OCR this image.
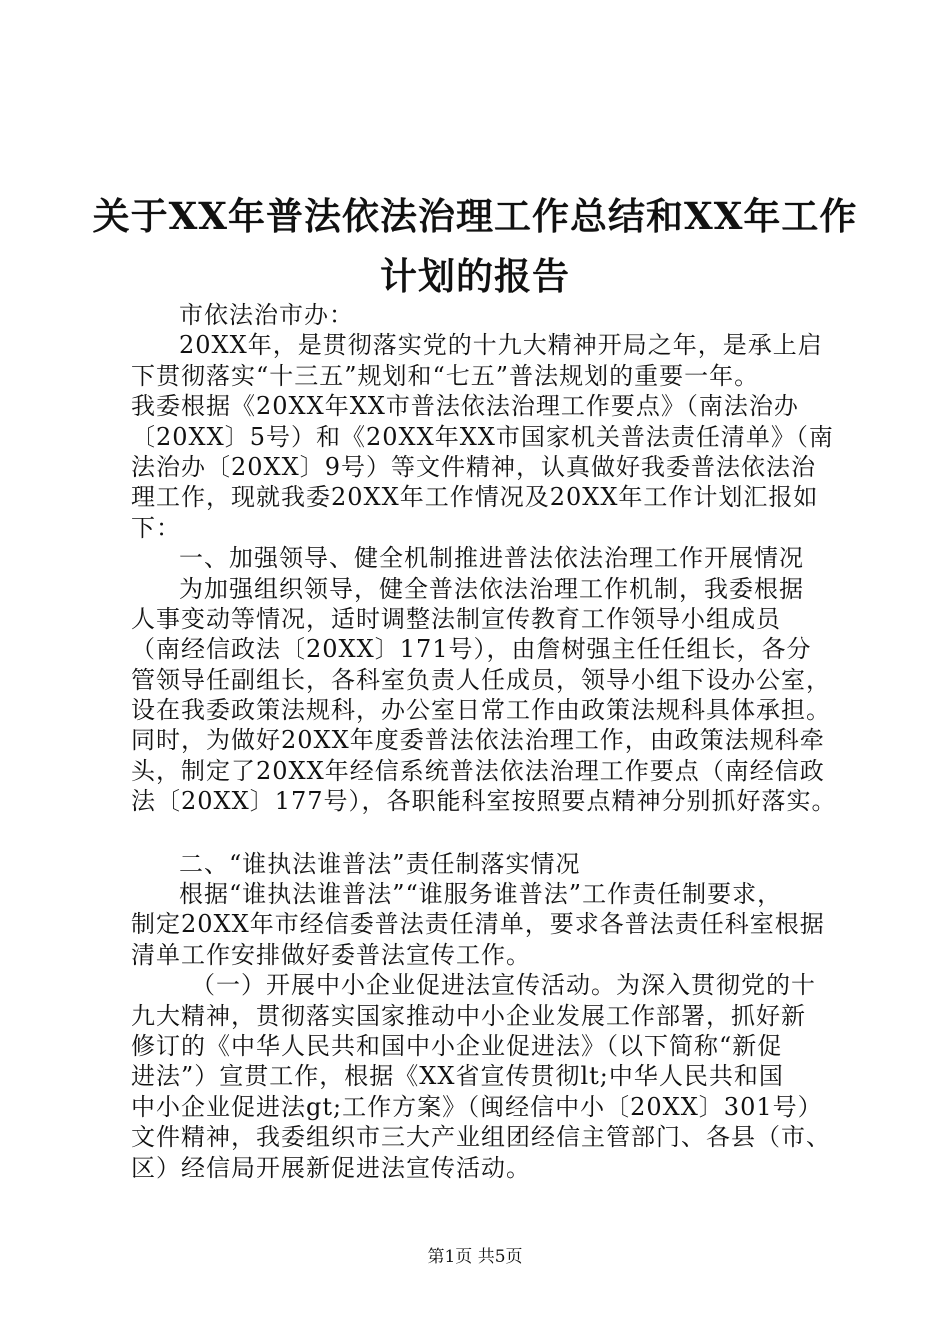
关于XX年普法依法治理工作总结和XX年工作
计划的报告
市依法治市办：
20XX年，是贯彻落实党的十九大精神开局之年，是承上启
下贯彻落实“十三五”规划和“七五”普法规划的重要一年。
我委根据《20XX年XX市普法依法治理工作要点》（南法治办
〔20XX〕5号）和《20XX年XX市国家机关普法责任清单》（南
法治办〔20XX〕9号）等文件精神，认真做好我委普法依法治
理工作，现就我委20XX年工作情况及20XX年工作计划汇报如
下：
一、加强领导、健全机制推进普法依法治理工作开展情况
为加强组织领导，健全普法依法治理工作机制，我委根据
人事变动等情况，适时调整法制宣传教育工作领导小组成员
（南经信政法〔20XX〕171号），由詹树强主任任组长，各分
管领导任副组长，各科室负责人任成员，领导小组下设办公室，
设在我委政策法规科，办公室日常工作由政策法规科具体承担。
同时，为做好20XX年度委普法依法治理工作，由政策法规科牵
头，制定了20XX年经信系统普法依法治理工作要点（南经信政
法〔20XX〕177号），各职能科室按照要点精神分别抓好落实。
二、“谁执法谁普法”责任制落实情况
根据“谁执法谁普法”“谁服务谁普法”工作责任制要求，
制定20XX年市经信委普法责任清单，要求各普法责任科室根据
清单工作安排做好委普法宣传工作。
（一）开展中小企业促进法宣传活动。为深入贯彻党的十
九大精神，贯彻落实国家推动中小企业发展工作部署，抓好新
修订的《中华人民共和国中小企业促进法》（以下简称“新促
进法”）宣贯工作，根据《XX省宣传贯彻lt;中华人民共和国
中小企业促进法gt;工作方案》（闽经信中小〔20XX〕301号）
文件精神，我委组织市三大产业组团经信主管部门、各县（市、
区）经信局开展新促进法宣传活动。
第1页 共5页
